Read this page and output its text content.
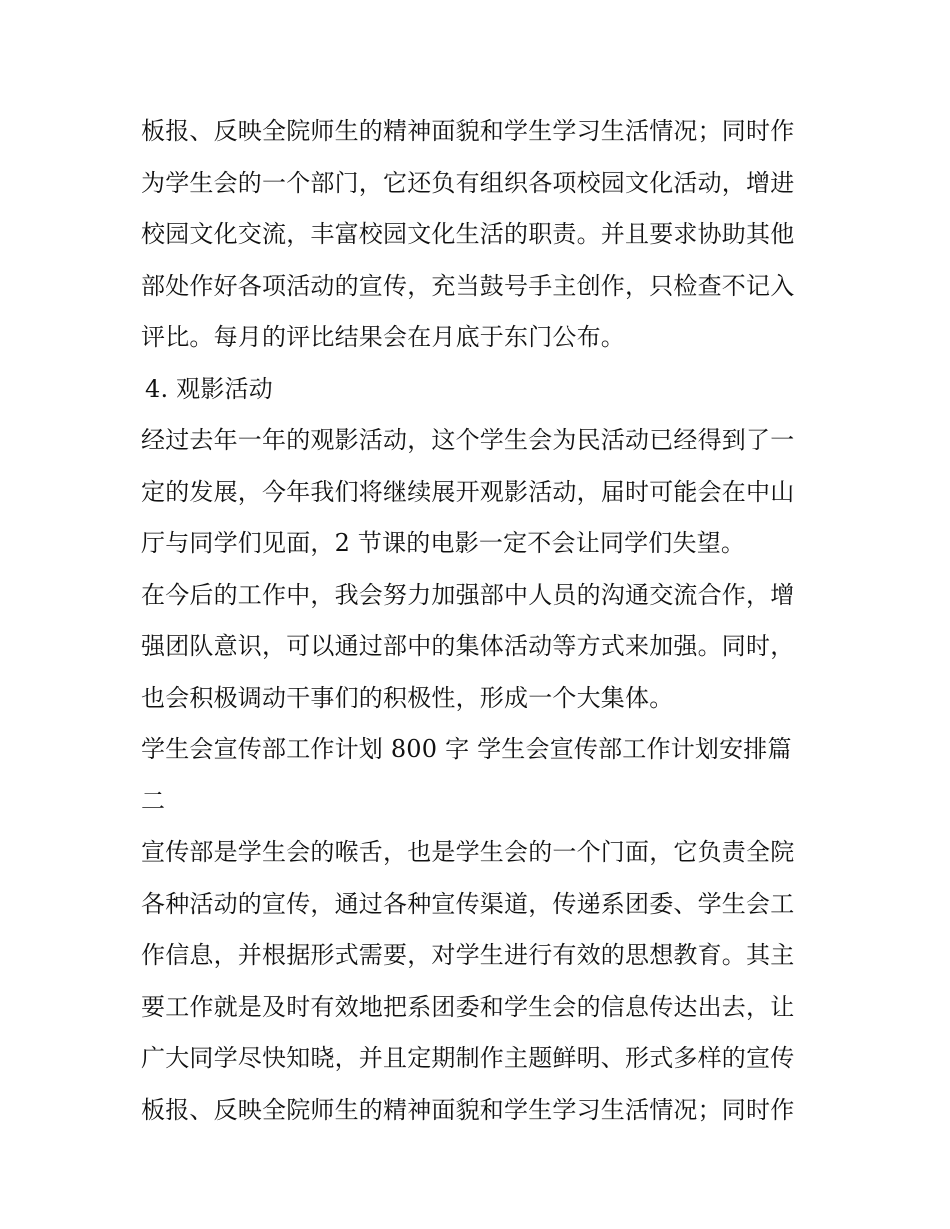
板报、反映全院师生的精神面貌和学生学习生活情况；同时作
为学生会的一个部门，它还负有组织各项校园文化活动，增进
校园文化交流，丰富校园文化生活的职责。并且要求协助其他
部处作好各项活动的宣传，充当鼓号手主创作，只检查不记入
评比。每月的评比结果会在月底于东门公布。
4. 观影活动
经过去年一年的观影活动，这个学生会为民活动已经得到了一
定的发展，今年我们将继续展开观影活动，届时可能会在中山
厅与同学们见面，2 节课的电影一定不会让同学们失望。
在今后的工作中，我会努力加强部中人员的沟通交流合作，增
强团队意识，可以通过部中的集体活动等方式来加强。同时，
也会积极调动干事们的积极性，形成一个大集体。
学生会宣传部工作计划 800 字 学生会宣传部工作计划安排篇
二
宣传部是学生会的喉舌，也是学生会的一个门面，它负责全院
各种活动的宣传，通过各种宣传渠道，传递系团委、学生会工
作信息，并根据形式需要，对学生进行有效的思想教育。其主
要工作就是及时有效地把系团委和学生会的信息传达出去，让
广大同学尽快知晓，并且定期制作主题鲜明、形式多样的宣传
板报、反映全院师生的精神面貌和学生学习生活情况；同时作
